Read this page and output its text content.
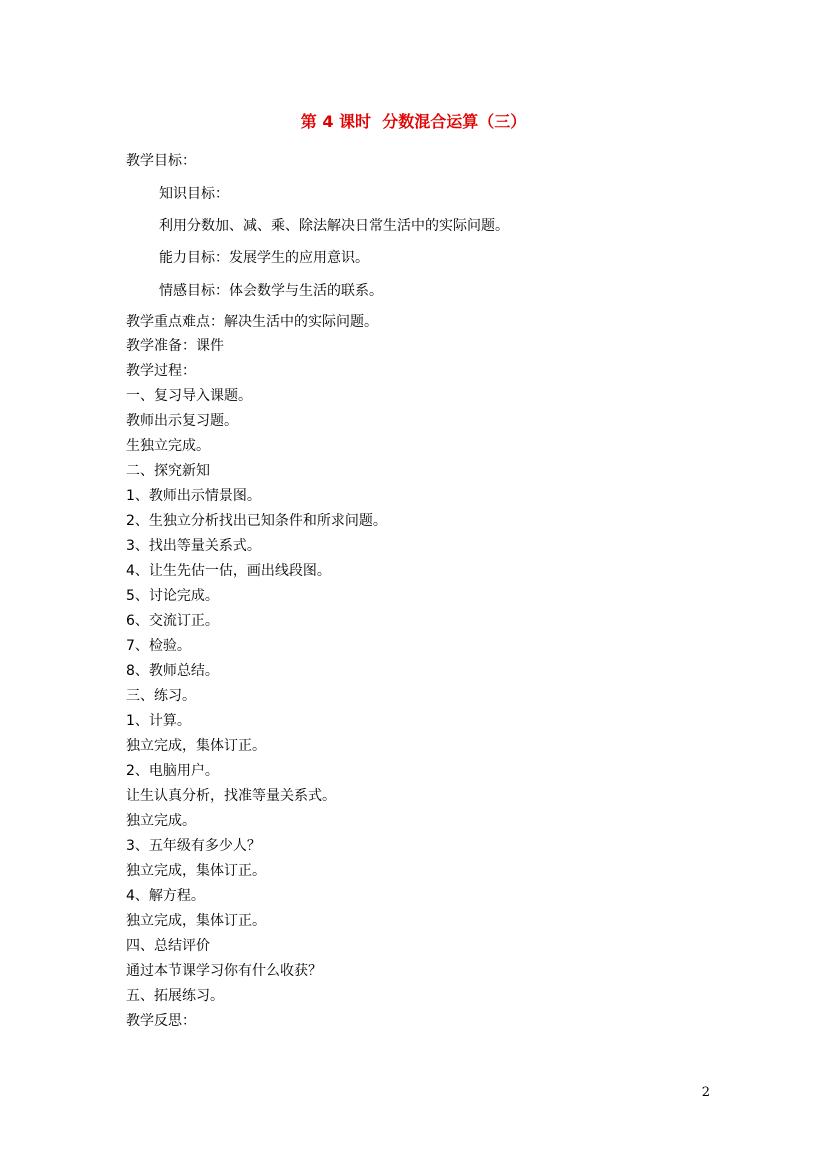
第 4 课时  分数混合运算（三）
教学目标：
知识目标：
利用分数加、减、乘、除法解决日常生活中的实际问题。
能力目标：发展学生的应用意识。
情感目标：体会数学与生活的联系。
教学重点难点：解决生活中的实际问题。
教学准备：课件
教学过程：
一、复习导入课题。
教师出示复习题。
生独立完成。
二、探究新知
1、教师出示情景图。
2、生独立分析找出已知条件和所求问题。
3、找出等量关系式。
4、让生先估一估，画出线段图。
5、讨论完成。
6、交流订正。
7、检验。
8、教师总结。
三、练习。
1、计算。
独立完成，集体订正。
2、电脑用户。
让生认真分析，找准等量关系式。
独立完成。
3、五年级有多少人？
独立完成，集体订正。
4、解方程。
独立完成，集体订正。
四、总结评价
通过本节课学习你有什么收获？
五、拓展练习。
教学反思：
2
